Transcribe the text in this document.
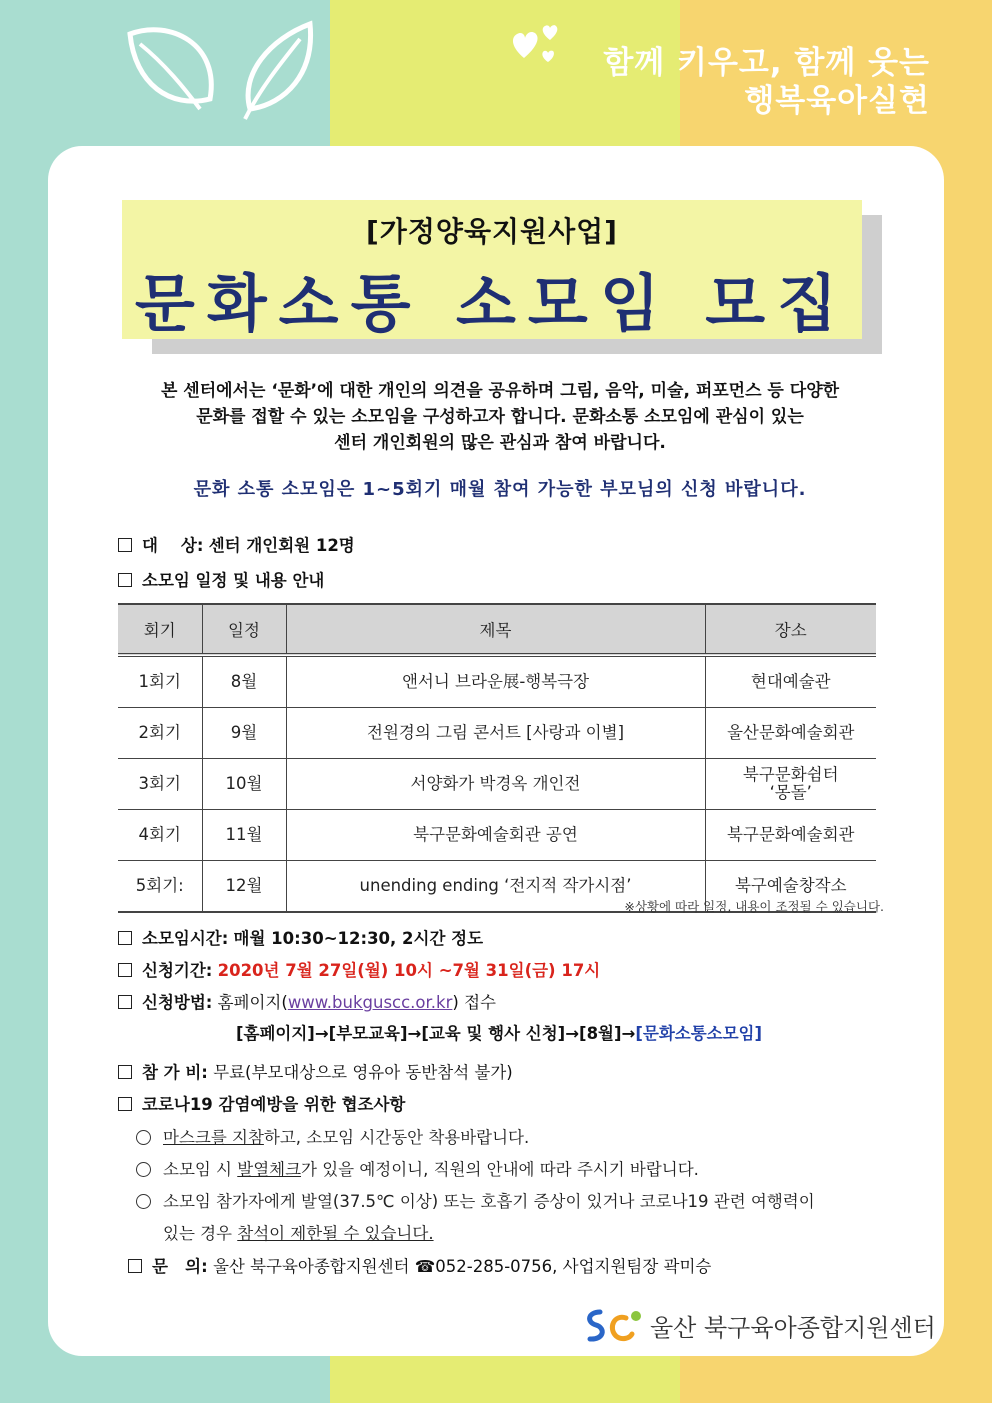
함께 키우고, 함께 웃는
행복육아실현
[가정양육지원사업]
문화소통 소모임 모집
본 센터에서는 ‘문화’에 대한 개인의 의견을 공유하며 그림, 음악, 미술, 퍼포먼스 등 다양한
문화를 접할 수 있는 소모임을 구성하고자 합니다. 문화소통 소모임에 관심이 있는
센터 개인회원의 많은 관심과 참여 바랍니다.
문화 소통 소모임은 1~5회기 매월 참여 가능한 부모님의 신청 바랍니다.
대    상: 센터 개인회원 12명
소모임 일정 및 내용 안내
회기	일정	제목	장소
1회기	8월	앤서니 브라운展-행복극장	현대예술관
2회기	9월	전원경의 그림 콘서트 [사랑과 이별]	울산문화예술회관
3회기	10월	서양화가 박경옥 개인전	북구문화쉼터
‘몽돌’
4회기	11월	북구문화예술회관 공연	북구문화예술회관
5회기:	12월	unending ending ‘전지적 작가시점’	북구예술창작소
※상황에 따라 일정, 내용이 조정될 수 있습니다.
소모임시간: 매월 10:30~12:30, 2시간 정도
신청기간: 2020년 7월 27일(월) 10시 ~7월 31일(금) 17시
신청방법: 홈페이지(www.bukguscc.or.kr) 접수
[홈페이지]→[부모교육]→[교육 및 행사 신청]→[8월]→[문화소통소모임]
참 가 비: 무료(부모대상으로 영유아 동반참석 불가)
코로나19 감염예방을 위한 협조사항
마스크를 지참하고, 소모임 시간동안 착용바랍니다.
소모임 시 발열체크가 있을 예정이니, 직원의 안내에 따라 주시기 바랍니다.
소모임 참가자에게 발열(37.5℃ 이상) 또는 호흡기 증상이 있거나 코로나19 관련 여행력이
있는 경우 참석이 제한될 수 있습니다.
문   의: 울산 북구육아종합지원센터 ☎052-285-0756, 사업지원팀장 곽미승
울산 북구육아종합지원센터
